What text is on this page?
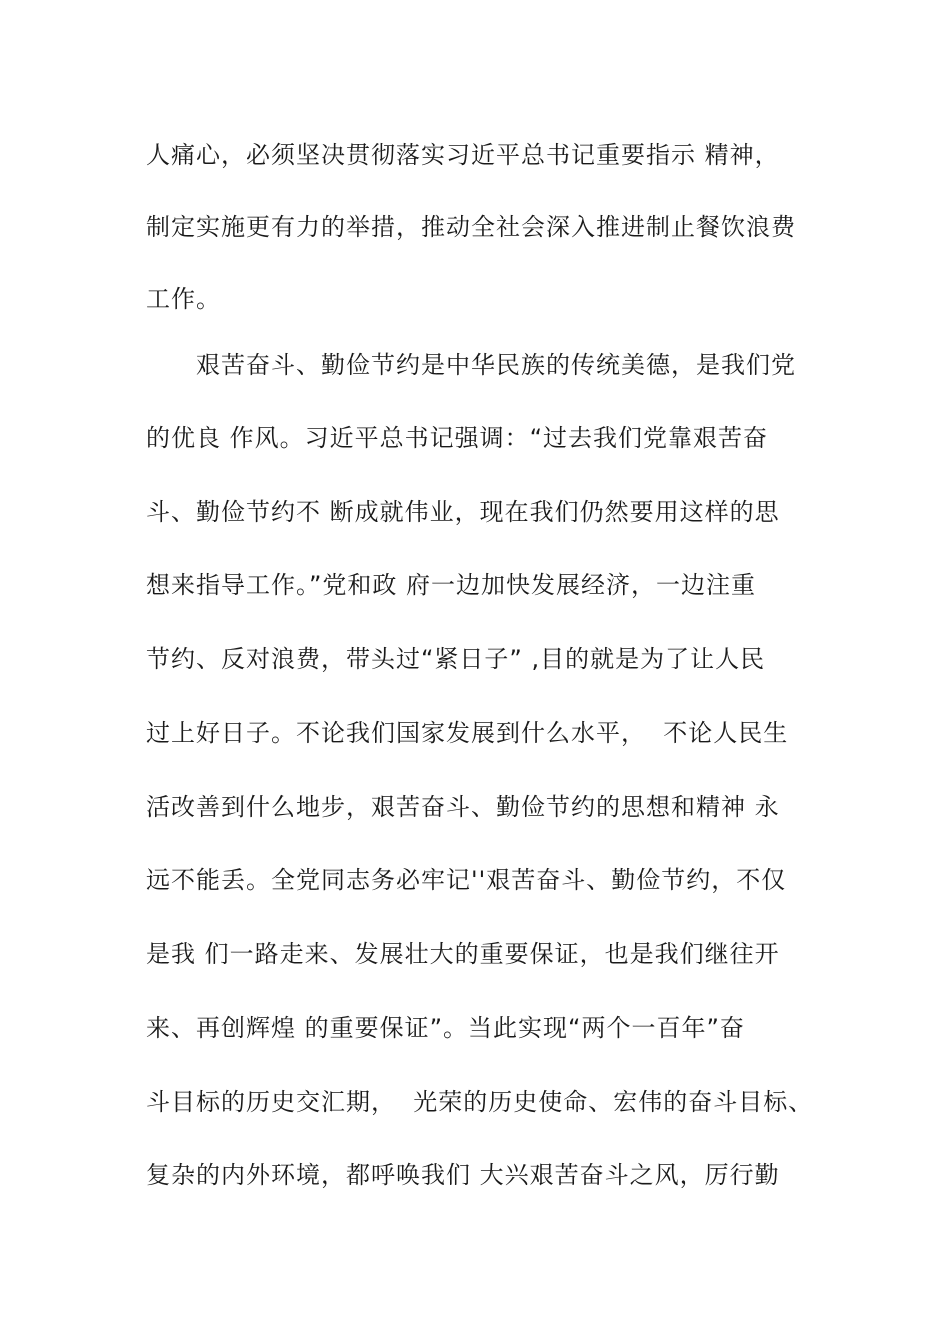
人痛心，必须坚决贯彻落实习近平总书记重要指示 精神，
制定实施更有力的举措，推动全社会深入推进制止餐饮浪费
工作。
艰苦奋斗、勤俭节约是中华民族的传统美德，是我们党
的优良 作风。习近平总书记强调：“过去我们党靠艰苦奋
斗、勤俭节约不 断成就伟业，现在我们仍然要用这样的思
想来指导工作。”党和政 府一边加快发展经济，一边注重
节约、反对浪费，带头过“紧日子” ,目的就是为了让人民
过上好日子。不论我们国家发展到什么水平，  不论人民生
活改善到什么地步，艰苦奋斗、勤俭节约的思想和精神 永
远不能丢。全党同志务必牢记''艰苦奋斗、勤俭节约，不仅
是我 们一路走来、发展壮大的重要保证，也是我们继往开
来、再创辉煌 的重要保证”。当此实现“两个一百年”奋
斗目标的历史交汇期，  光荣的历史使命、宏伟的奋斗目标、
复杂的内外环境，都呼唤我们 大兴艰苦奋斗之风，厉行勤
